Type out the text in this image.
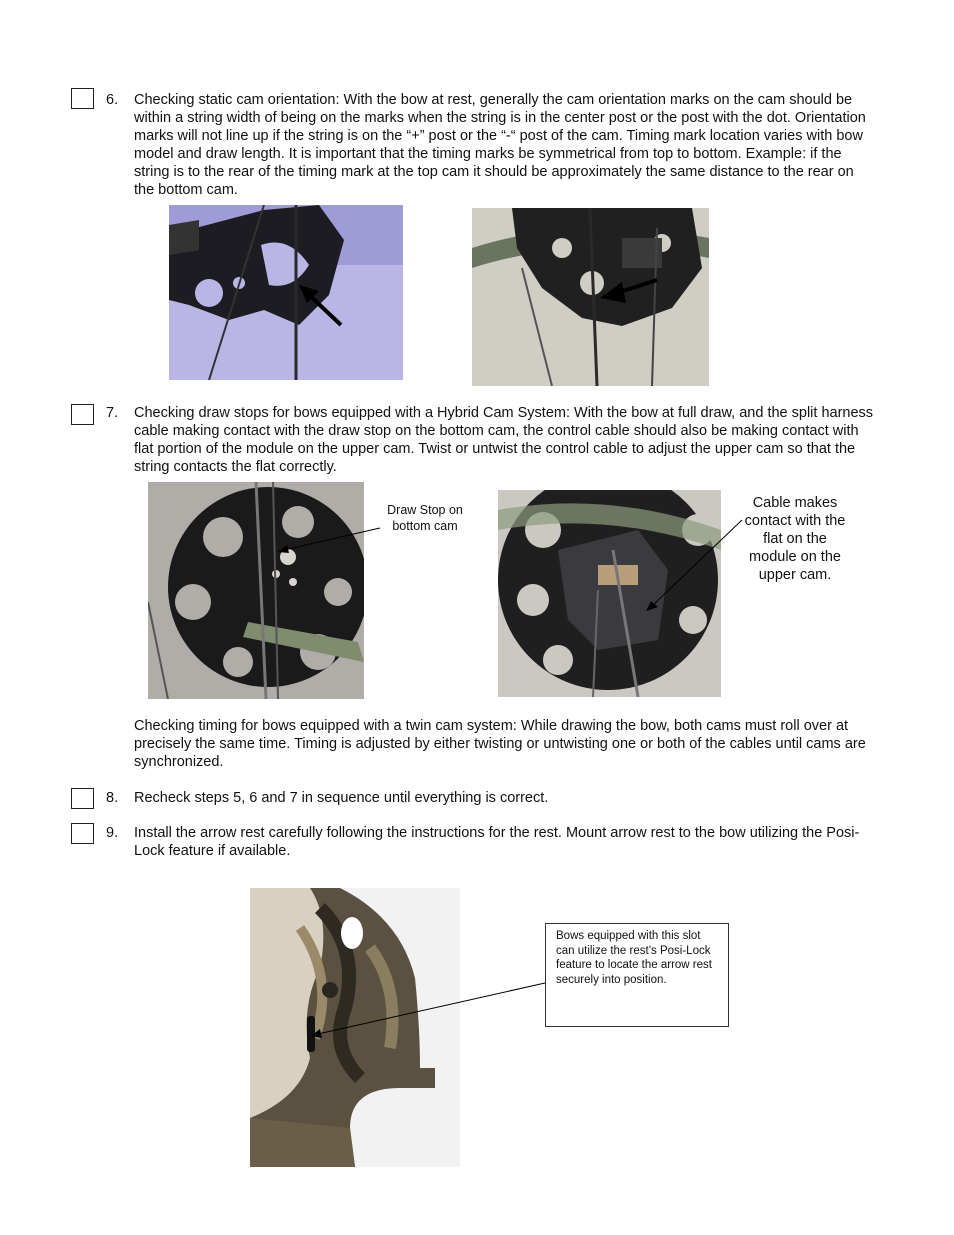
6. Checking static cam orientation: With the bow at rest, generally the cam orientation marks on the cam should be within a string width of being on the marks when the string is in the center post or the post with the dot. Orientation marks will not line up if the string is on the “+” post or the “-“ post of the cam. Timing mark location varies with bow model and draw length. It is important that the timing marks be symmetrical from top to bottom. Example: if the string is to the rear of the timing mark at the top cam it should be approximately the same distance to the rear on the bottom cam.
7. Checking draw stops for bows equipped with a Hybrid Cam System: With the bow at full draw, and the split harness cable making contact with the draw stop on the bottom cam, the control cable should also be making contact with flat portion of the module on the upper cam. Twist or untwist the control cable to adjust the upper cam so that the string contacts the flat correctly.
Draw Stop on bottom cam
Cable makes contact with the flat on the module on the upper cam.
Checking timing for bows equipped with a twin cam system: While drawing the bow, both cams must roll over at precisely the same time. Timing is adjusted by either twisting or untwisting one or both of the cables until cams are synchronized.
8. Recheck steps 5, 6 and 7 in sequence until everything is correct.
9. Install the arrow rest carefully following the instructions for the rest. Mount arrow rest to the bow utilizing the Posi-Lock feature if available.
Bows equipped with this slot can utilize the rest’s Posi-Lock feature to locate the arrow rest securely into position.
